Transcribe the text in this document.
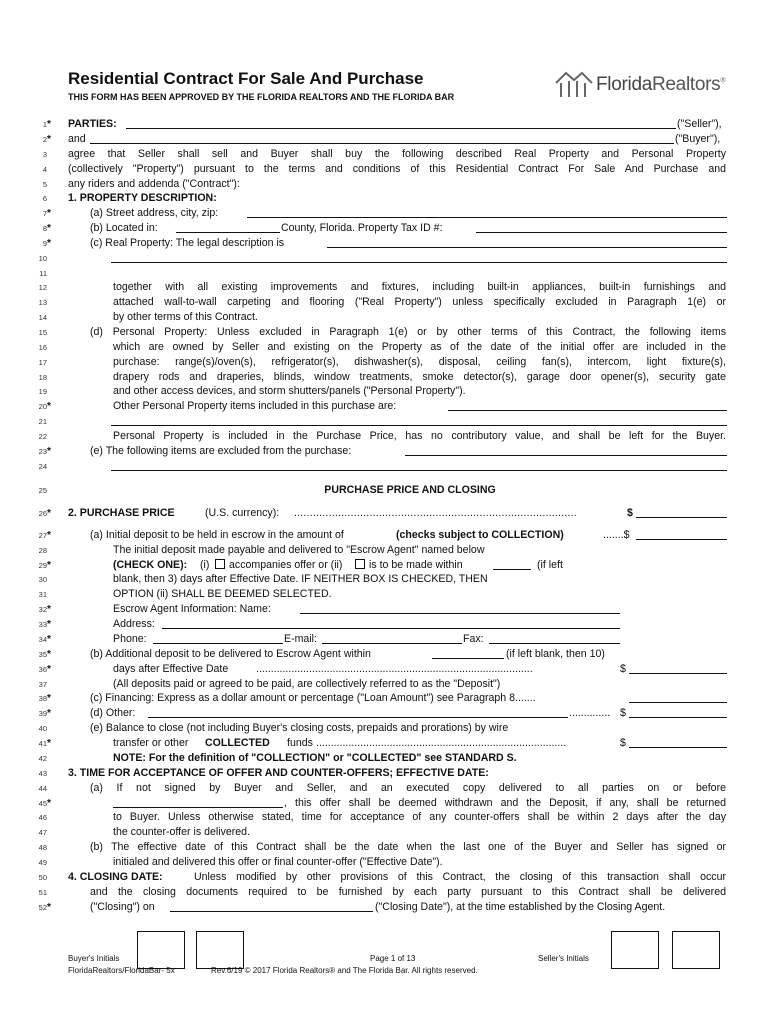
Residential Contract For Sale And Purchase
THIS FORM HAS BEEN APPROVED BY THE FLORIDA REALTORS AND THE FLORIDA BAR
FloridaRealtors®
1 * PARTIES:	("Seller"),
2 * and	("Buyer"),
3 agree that Seller shall sell and Buyer shall buy the following described Real Property and Personal Property
4 (collectively "Property") pursuant to the terms and conditions of this Residential Contract For Sale And Purchase and
5 any riders and addenda ("Contract"):
6 1. PROPERTY DESCRIPTION:
7 *	(a) Street address, city, zip:
8 *	(b) Located in:	County, Florida. Property Tax ID #:
9 *	(c) Real Property: The legal description is
10
11
12	together with all existing improvements and fixtures, including built-in appliances, built-in furnishings and
13	attached wall-to-wall carpeting and flooring ("Real Property") unless specifically excluded in Paragraph 1(e) or
14	by other terms of this Contract.
15	(d) Personal Property: Unless excluded in Paragraph 1(e) or by other terms of this Contract, the following items
16	which are owned by Seller and existing on the Property as of the date of the initial offer are included in the
17	purchase: range(s)/oven(s), refrigerator(s), dishwasher(s), disposal, ceiling fan(s), intercom, light fixture(s),
18	drapery rods and draperies, blinds, window treatments, smoke detector(s), garage door opener(s), security gate
19	and other access devices, and storm shutters/panels ("Personal Property").
20 *	Other Personal Property items included in this purchase are:
21
22	Personal Property is included in the Purchase Price, has no contributory value, and shall be left for the Buyer.
23 *	(e) The following items are excluded from the purchase:
24
25	PURCHASE PRICE AND CLOSING
26 * 2. PURCHASE PRICE	(U.S. currency): ..........................................................................................	$
27 *	(a) Initial deposit to be held in escrow in the amount of	(checks subject to COLLECTION)	.......$
28	The initial deposit made payable and delivered to "Escrow Agent" named below
29 *	(CHECK ONE): (i) accompanies offer or (ii)	is to be made within	(if left
30	blank, then 3) days after Effective Date. IF NEITHER BOX IS CHECKED, THEN
31	OPTION (ii) SHALL BE DEEMED SELECTED.
32 *	Escrow Agent Information: Name:
33 *	Address:
34 *	Phone:	E-mail:	Fax:
35 *	(b) Additional deposit to be delivered to Escrow Agent within	(if left blank, then 10)
36 *	days after Effective Date	..............................................................................................	$
37	(All deposits paid or agreed to be paid, are collectively referred to as the "Deposit")
38 *	(c) Financing: Express as a dollar amount or percentage ("Loan Amount") see Paragraph 8.......
39 *	(d) Other:	.............. $
40	(e) Balance to close (not including Buyer's closing costs, prepaids and prorations) by wire
41 *	transfer or other COLLECTED funds .....................................................................................	$
42	NOTE: For the definition of "COLLECTION" or "COLLECTED" see STANDARD S.
43 3. TIME FOR ACCEPTANCE OF OFFER AND COUNTER-OFFERS; EFFECTIVE DATE:
44	(a) If not signed by Buyer and Seller, and an executed copy delivered to all parties on or before
45 *	, this offer shall be deemed withdrawn and the Deposit, if any, shall be returned
46	to Buyer. Unless otherwise stated, time for acceptance of any counter-offers shall be within 2 days after the day
47	the counter-offer is delivered.
48	(b) The effective date of this Contract shall be the date when the last one of the Buyer and Seller has signed or
49	initialed and delivered this offer or final counter-offer ("Effective Date").
50 4. CLOSING DATE:	Unless modified by other provisions of this Contract, the closing of this transaction shall occur
51	and the closing documents required to be furnished by each party pursuant to this Contract shall be delivered
52 *	("Closing") on	("Closing Date"), at the time established by the Closing Agent.
Buyer's Initials	Page 1 of 13	Seller's Initials
FloridaRealtors/FloridaBar- 5x	Rev.6/19 © 2017 Florida Realtors® and The Florida Bar. All rights reserved.
